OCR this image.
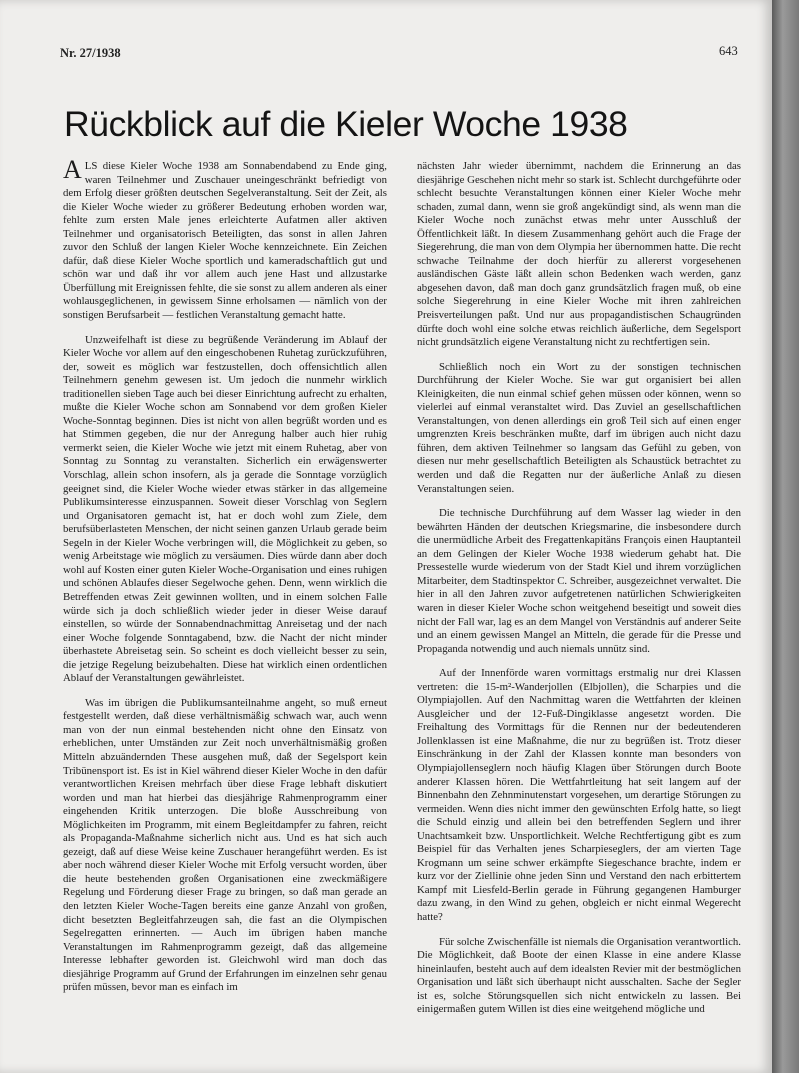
Nr. 27/1938	643
Rückblick auf die Kieler Woche 1938

ALS diese Kieler Woche 1938 am Sonnabendabend zu Ende ging, waren Teilnehmer und Zuschauer uneingeschränkt befriedigt von dem Erfolg dieser größten deutschen Segelveranstaltung. Seit der Zeit, als die Kieler Woche wieder zu größerer Bedeutung erhoben worden war, fehlte zum ersten Male jenes erleichterte Aufatmen aller aktiven Teilnehmer und organisatorisch Beteiligten, das sonst in allen Jahren zuvor den Schluß der langen Kieler Woche kennzeichnete. Ein Zeichen dafür, daß diese Kieler Woche sportlich und kameradschaftlich gut und schön war und daß ihr vor allem auch jene Hast und allzustarke Überfüllung mit Ereignissen fehlte, die sie sonst zu allem anderen als einer wohlausgeglichenen, in gewissem Sinne erholsamen — nämlich von der sonstigen Berufsarbeit — festlichen Veranstaltung gemacht hatte.

Unzweifelhaft ist diese zu begrüßende Veränderung im Ablauf der Kieler Woche vor allem auf den eingeschobenen Ruhetag zurückzuführen, der, soweit es möglich war festzustellen, doch offensichtlich allen Teilnehmern genehm gewesen ist. Um jedoch die nunmehr wirklich traditionellen sieben Tage auch bei dieser Einrichtung aufrecht zu erhalten, mußte die Kieler Woche schon am Sonnabend vor dem großen Kieler Woche-Sonntag beginnen. Dies ist nicht von allen begrüßt worden und es hat Stimmen gegeben, die nur der Anregung halber auch hier ruhig vermerkt seien, die Kieler Woche wie jetzt mit einem Ruhetag, aber von Sonntag zu Sonntag zu veranstalten. Sicherlich ein erwägenswerter Vorschlag, allein schon insofern, als ja gerade die Sonntage vorzüglich geeignet sind, die Kieler Woche wieder etwas stärker in das allgemeine Publikumsinteresse einzuspannen. Soweit dieser Vorschlag von Seglern und Organisatoren gemacht ist, hat er doch wohl zum Ziele, dem berufsüberlasteten Menschen, der nicht seinen ganzen Urlaub gerade beim Segeln in der Kieler Woche verbringen will, die Möglichkeit zu geben, so wenig Arbeitstage wie möglich zu versäumen. Dies würde dann aber doch wohl auf Kosten einer guten Kieler Woche-Organisation und eines ruhigen und schönen Ablaufes dieser Segelwoche gehen. Denn, wenn wirklich die Betreffenden etwas Zeit gewinnen wollten, und in einem solchen Falle würde sich ja doch schließlich wieder jeder in dieser Weise darauf einstellen, so würde der Sonnabendnachmittag Anreisetag und der nach einer Woche folgende Sonntagabend, bzw. die Nacht der nicht minder überhastete Abreisetag sein. So scheint es doch vielleicht besser zu sein, die jetzige Regelung beizubehalten. Diese hat wirklich einen ordentlichen Ablauf der Veranstaltungen gewährleistet.

Was im übrigen die Publikumsanteilnahme angeht, so muß erneut festgestellt werden, daß diese verhältnismäßig schwach war, auch wenn man von der nun einmal bestehenden nicht ohne den Einsatz von erheblichen, unter Umständen zur Zeit noch unverhältnismäßig großen Mitteln abzuändernden These ausgehen muß, daß der Segelsport kein Tribünensport ist. Es ist in Kiel während dieser Kieler Woche in den dafür verantwortlichen Kreisen mehrfach über diese Frage lebhaft diskutiert worden und man hat hierbei das diesjährige Rahmenprogramm einer eingehenden Kritik unterzogen. Die bloße Ausschreibung von Möglichkeiten im Programm, mit einem Begleitdampfer zu fahren, reicht als Propaganda-Maßnahme sicherlich nicht aus. Und es hat sich auch gezeigt, daß auf diese Weise keine Zuschauer herangeführt werden. Es ist aber noch während dieser Kieler Woche mit Erfolg versucht worden, über die heute bestehenden großen Organisationen eine zweckmäßigere Regelung und Förderung dieser Frage zu bringen, so daß man gerade an den letzten Kieler Woche-Tagen bereits eine ganze Anzahl von großen, dicht besetzten Begleitfahrzeugen sah, die fast an die Olympischen Segelregatten erinnerten. — Auch im übrigen haben manche Veranstaltungen im Rahmenprogramm gezeigt, daß das allgemeine Interesse lebhafter geworden ist. Gleichwohl wird man doch das diesjährige Programm auf Grund der Erfahrungen im einzelnen sehr genau prüfen müssen, bevor man es einfach im

nächsten Jahr wieder übernimmt, nachdem die Erinnerung an das diesjährige Geschehen nicht mehr so stark ist. Schlecht durchgeführte oder schlecht besuchte Veranstaltungen können einer Kieler Woche mehr schaden, zumal dann, wenn sie groß angekündigt sind, als wenn man die Kieler Woche noch zunächst etwas mehr unter Ausschluß der Öffentlichkeit läßt. In diesem Zusammenhang gehört auch die Frage der Siegerehrung, die man von dem Olympia her übernommen hatte. Die recht schwache Teilnahme der doch hierfür zu allererst vorgesehenen ausländischen Gäste läßt allein schon Bedenken wach werden, ganz abgesehen davon, daß man doch ganz grundsätzlich fragen muß, ob eine solche Siegerehrung in eine Kieler Woche mit ihren zahlreichen Preisverteilungen paßt. Und nur aus propagandistischen Schaugründen dürfte doch wohl eine solche etwas reichlich äußerliche, dem Segelsport nicht grundsätzlich eigene Veranstaltung nicht zu rechtfertigen sein.

Schließlich noch ein Wort zu der sonstigen technischen Durchführung der Kieler Woche. Sie war gut organisiert bei allen Kleinigkeiten, die nun einmal schief gehen müssen oder können, wenn so vielerlei auf einmal veranstaltet wird. Das Zuviel an gesellschaftlichen Veranstaltungen, von denen allerdings ein groß Teil sich auf einen enger umgrenzten Kreis beschränken mußte, darf im übrigen auch nicht dazu führen, dem aktiven Teilnehmer so langsam das Gefühl zu geben, von diesen nur mehr gesellschaftlich Beteiligten als Schaustück betrachtet zu werden und daß die Regatten nur der äußerliche Anlaß zu diesen Veranstaltungen seien.

Die technische Durchführung auf dem Wasser lag wieder in den bewährten Händen der deutschen Kriegsmarine, die insbesondere durch die unermüdliche Arbeit des Fregattenkapitäns François einen Hauptanteil an dem Gelingen der Kieler Woche 1938 wiederum gehabt hat. Die Pressestelle wurde wiederum von der Stadt Kiel und ihrem vorzüglichen Mitarbeiter, dem Stadtinspektor C. Schreiber, ausgezeichnet verwaltet. Die hier in all den Jahren zuvor aufgetretenen natürlichen Schwierigkeiten waren in dieser Kieler Woche schon weitgehend beseitigt und soweit dies nicht der Fall war, lag es an dem Mangel von Verständnis auf anderer Seite und an einem gewissen Mangel an Mitteln, die gerade für die Presse und Propaganda notwendig und auch niemals unnütz sind.

Auf der Innenförde waren vormittags erstmalig nur drei Klassen vertreten: die 15-m²-Wanderjollen (Elbjollen), die Scharpies und die Olympiajollen. Auf den Nachmittag waren die Wettfahrten der kleinen Ausgleicher und der 12-Fuß-Dingiklasse angesetzt worden. Die Freihaltung des Vormittags für die Rennen nur der bedeutenderen Jollenklassen ist eine Maßnahme, die nur zu begrüßen ist. Trotz dieser Einschränkung in der Zahl der Klassen konnte man besonders von Olympiajollenseglern noch häufig Klagen über Störungen durch Boote anderer Klassen hören. Die Wettfahrtleitung hat seit langem auf der Binnenbahn den Zehnminutenstart vorgesehen, um derartige Störungen zu vermeiden. Wenn dies nicht immer den gewünschten Erfolg hatte, so liegt die Schuld einzig und allein bei den betreffenden Seglern und ihrer Unachtsamkeit bzw. Unsportlichkeit. Welche Rechtfertigung gibt es zum Beispiel für das Verhalten jenes Scharpieseglers, der am vierten Tage Krogmann um seine schwer erkämpfte Siegeschance brachte, indem er kurz vor der Ziellinie ohne jeden Sinn und Verstand den nach erbittertem Kampf mit Liesfeld-Berlin gerade in Führung gegangenen Hamburger dazu zwang, in den Wind zu gehen, obgleich er nicht einmal Wegerecht hatte?

Für solche Zwischenfälle ist niemals die Organisation verantwortlich. Die Möglichkeit, daß Boote der einen Klasse in eine andere Klasse hineinlaufen, besteht auch auf dem idealsten Revier mit der bestmöglichen Organisation und läßt sich überhaupt nicht ausschalten. Sache der Segler ist es, solche Störungsquellen sich nicht entwickeln zu lassen. Bei einigermaßen gutem Willen ist dies eine weitgehend mögliche und
